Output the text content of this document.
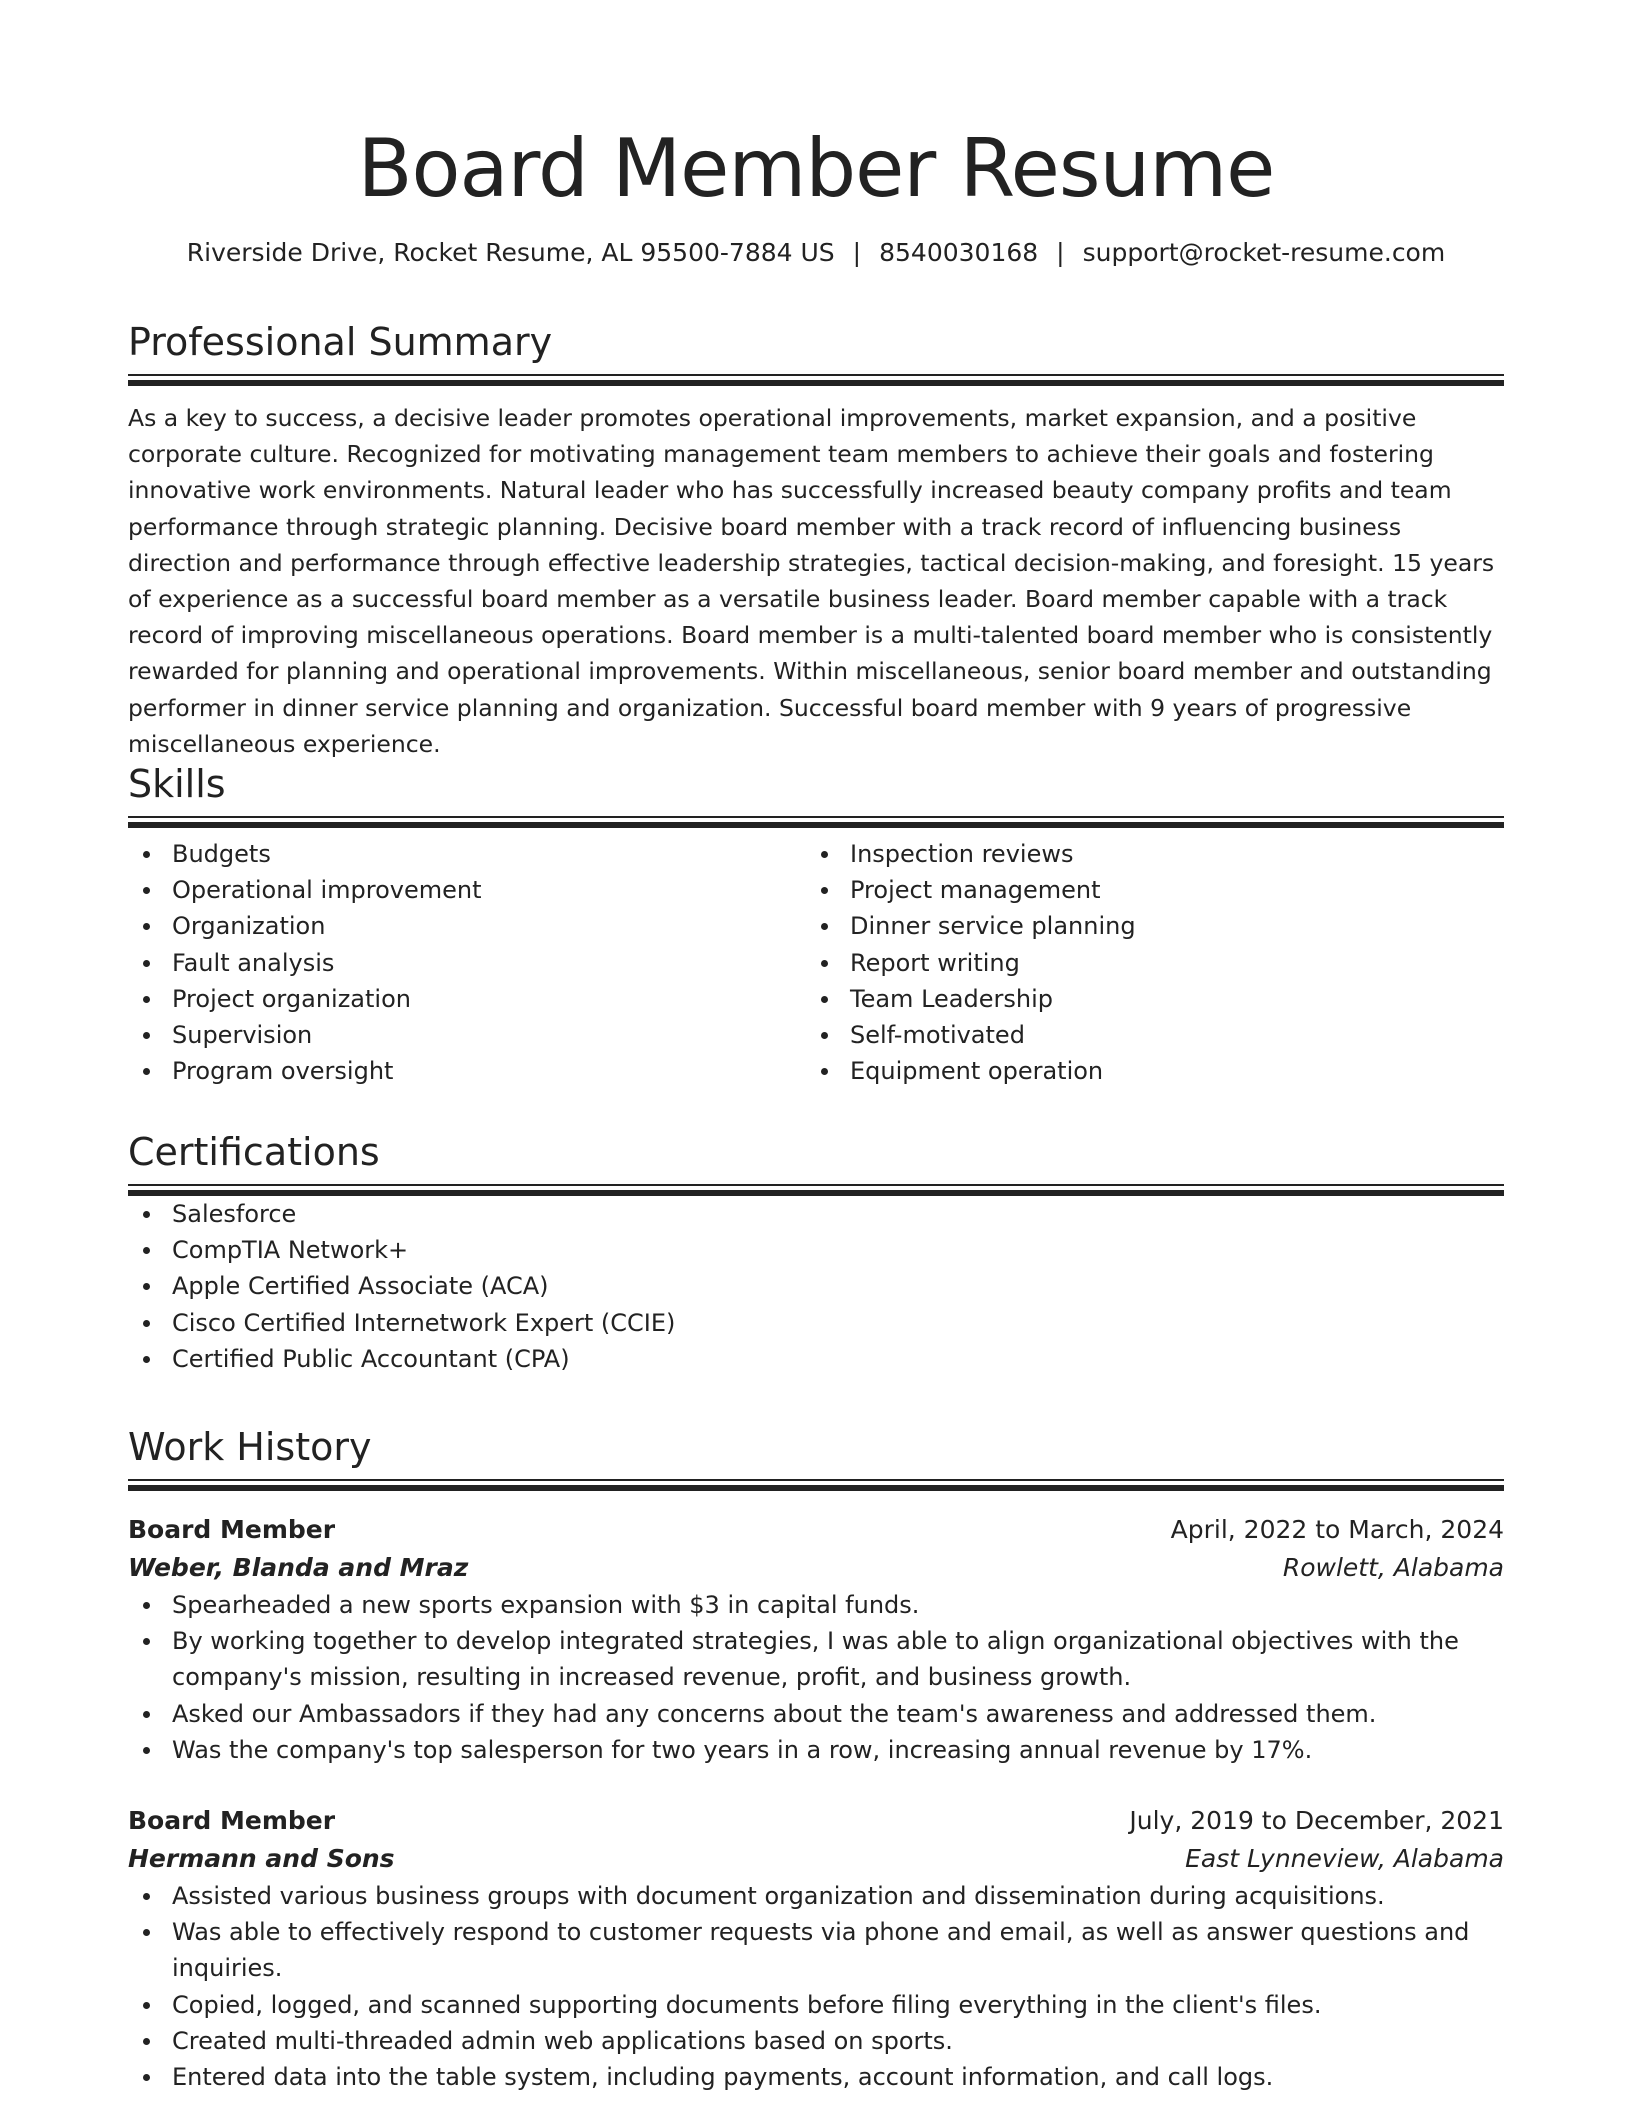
Board Member Resume
Riverside Drive, Rocket Resume, AL 95500-7884 US | 8540030168 | support@rocket-resume.com
Professional Summary

As a key to success, a decisive leader promotes operational improvements, market expansion, and a positive corporate culture. Recognized for motivating management team members to achieve their goals and fostering innovative work environments. Natural leader who has successfully increased beauty company profits and team performance through strategic planning. Decisive board member with a track record of influencing business direction and performance through effective leadership strategies, tactical decision-making, and foresight. 15 years of experience as a successful board member as a versatile business leader. Board member capable with a track record of improving miscellaneous operations. Board member is a multi-talented board member who is consistently rewarded for planning and operational improvements. Within miscellaneous, senior board member and outstanding performer in dinner service planning and organization. Successful board member with 9 years of progressive miscellaneous experience.

Skills
Budgets
Operational improvement
Organization
Fault analysis
Project organization
Supervision
Program oversight
Inspection reviews
Project management
Dinner service planning
Report writing
Team Leadership
Self-motivated
Equipment operation
Certifications
Salesforce
CompTIA Network+
Apple Certified Associate (ACA)
Cisco Certified Internetwork Expert (CCIE)
Certified Public Accountant (CPA)
Work History
Board Member	April, 2022 to March, 2024
Weber, Blanda and Mraz	Rowlett, Alabama
Spearheaded a new sports expansion with $3 in capital funds.
By working together to develop integrated strategies, I was able to align organizational objectives with the company's mission, resulting in increased revenue, profit, and business growth.
Asked our Ambassadors if they had any concerns about the team's awareness and addressed them.
Was the company's top salesperson for two years in a row, increasing annual revenue by 17%.
Board Member	July, 2019 to December, 2021
Hermann and Sons	East Lynneview, Alabama
Assisted various business groups with document organization and dissemination during acquisitions.
Was able to effectively respond to customer requests via phone and email, as well as answer questions and inquiries.
Copied, logged, and scanned supporting documents before filing everything in the client's files.
Created multi-threaded admin web applications based on sports.
Entered data into the table system, including payments, account information, and call logs.
